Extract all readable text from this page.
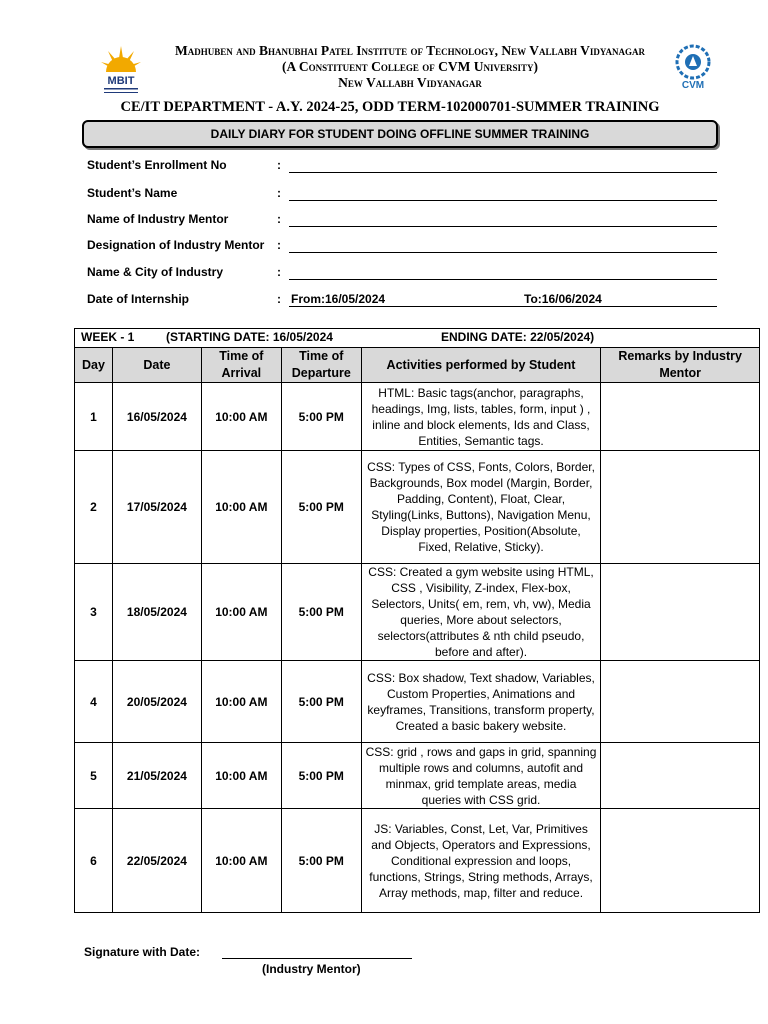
MBIT	CVM
Madhuben and Bhanubhai Patel Institute of Technology, New Vallabh Vidyanagar
(A Constituent College of CVM University)
New Vallabh Vidyanagar
CE/IT DEPARTMENT - A.Y. 2024-25, ODD TERM-102000701-SUMMER TRAINING
DAILY DIARY FOR STUDENT DOING OFFLINE SUMMER TRAINING
Student’s Enrollment No	:
Student’s Name	:
Name of Industry Mentor	:
Designation of Industry Mentor :
Name & City of Industry	:
Date of Internship	: From:16/05/2024	To:16/06/2024
WEEK - 1 (STARTING DATE: 16/05/2024 ENDING DATE: 22/05/2024)					

Day	Date	Time of Arrival	Time of Departure	Activities performed by Student	Remarks by Industry Mentor
1	16/05/2024	10:00 AM	5:00 PM	HTML: Basic tags(anchor, paragraphs, headings, Img, lists, tables, form, input ) , inline and block elements, Ids and Class, Entities, Semantic tags.	
2	17/05/2024	10:00 AM	5:00 PM	CSS: Types of CSS, Fonts, Colors, Border, Backgrounds, Box model (Margin, Border, Padding, Content), Float, Clear, Styling(Links, Buttons), Navigation Menu, Display properties, Position(Absolute, Fixed, Relative, Sticky).	
3	18/05/2024	10:00 AM	5:00 PM	CSS: Created a gym website using HTML, CSS , Visibility, Z-index, Flex-box, Selectors, Units( em, rem, vh, vw), Media queries, More about selectors, selectors(attributes & nth child pseudo, before and after).	
4	20/05/2024	10:00 AM	5:00 PM	CSS: Box shadow, Text shadow, Variables, Custom Properties, Animations and keyframes, Transitions, transform property, Created a basic bakery website.	
5	21/05/2024	10:00 AM	5:00 PM	CSS: grid , rows and gaps in grid, spanning multiple rows and columns, autofit and minmax, grid template areas, media queries with CSS grid.	
6	22/05/2024	10:00 AM	5:00 PM	JS: Variables, Const, Let, Var, Primitives and Objects, Operators and Expressions, Conditional expression and loops, functions, Strings, String methods, Arrays, Array methods, map, filter and reduce.	
Signature with Date:
(Industry Mentor)
